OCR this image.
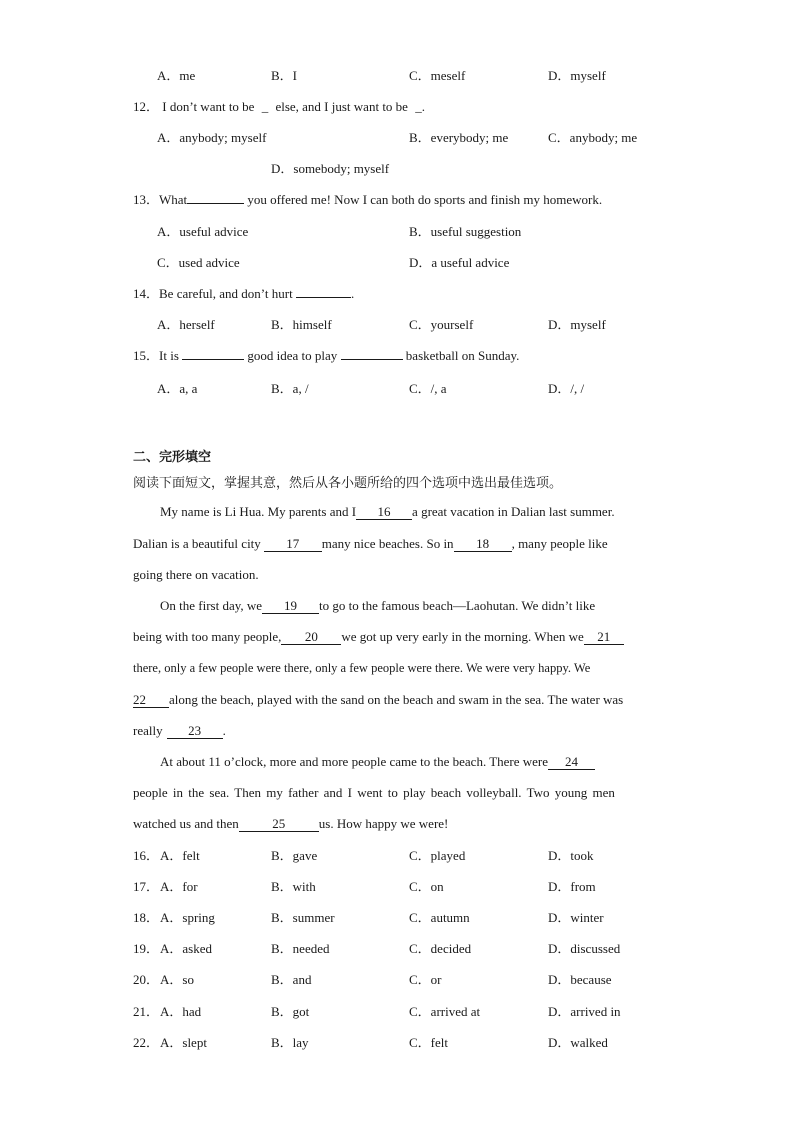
A．me	B．I	C．meself	D．myself
12． I don’t want to be _ else, and I just want to be _.
A．anybody; myself	B．everybody; me	C．anybody; me
D．somebody; myself
13．What	you offered me! Now I can both do sports and finish my homework.
A．useful advice	B．useful suggestion
C．used advice	D．a useful advice
14．Be careful, and don’t hurt	.
A．herself	B．himself	C．yourself	D．myself
15．It is	good idea to play	basketball on Sunday.
A．a, a	B．a, /	C．/, a	D．/, /
二、完形填空
阅读下面短文，掌握其意，然后从各小题所给的四个选项中选出最佳选项。
My name is Li Hua. My parents and I 16 a great vacation in Dalian last summer.
Dalian is a beautiful city 17 many nice beaches. So in 18 , many people like
going there on vacation.
On the first day, we 19 to go to the famous beach—Laohutan. We didn’t like
being with too many people, 20 we got up very early in the morning. When we 21
there, only a few people were there, only a few people were there. We were very happy. We
22 along the beach, played with the sand on the beach and swam in the sea. The water was
really 23 .
At about 11 o’clock, more and more people came to the beach. There were 24
people in the sea. Then my father and I went to play beach volleyball. Two young men
watched us and then	25	us. How happy we were!
16． A．felt	B．gave	C．played	D．took
17． A．for	B．with	C．on	D．from
18． A．spring	B．summer	C．autumn	D．winter
19． A．asked	B．needed	C．decided	D．discussed
20． A．so	B．and	C．or	D．because
21． A．had	B．got	C．arrived at	D．arrived in
22． A．slept	B．lay	C．felt	D．walked
